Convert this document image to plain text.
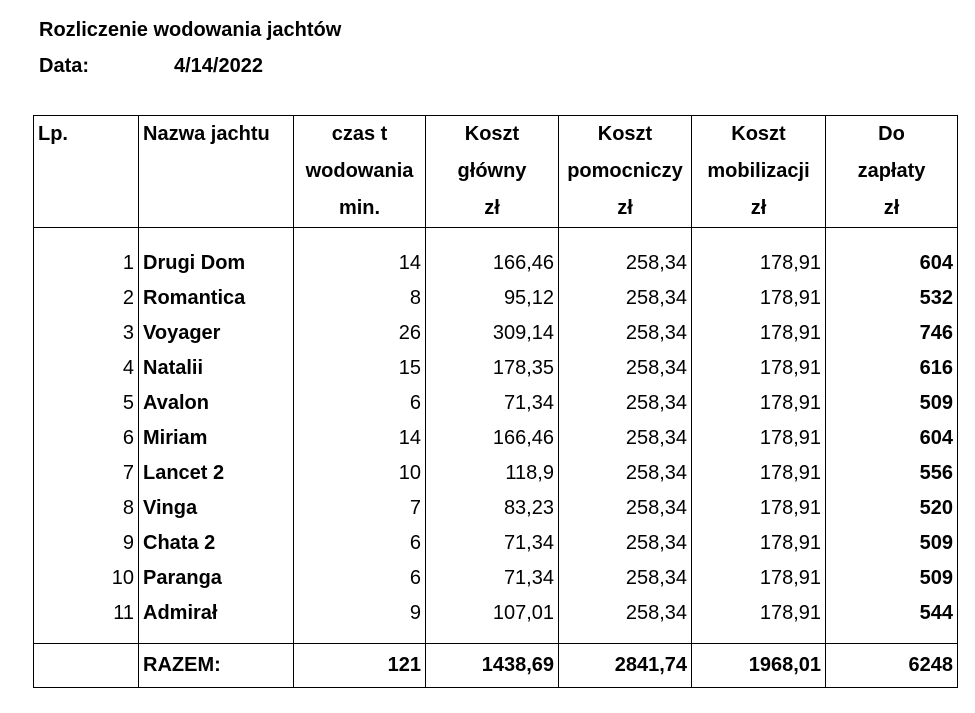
Rozliczenie wodowania jachtów
Data:	4/14/2022
Lp.	Nazwa jachtu	czas t	Koszt	Koszt	Koszt	Do
		wodowania	główny	pomocniczy	mobilizacji	zapłaty
		min.	zł	zł	zł	zł

1	Drugi Dom	14	166,46	258,34	178,91	604
2	Romantica	8	95,12	258,34	178,91	532
3	Voyager	26	309,14	258,34	178,91	746
4	Natalii	15	178,35	258,34	178,91	616
5	Avalon	6	71,34	258,34	178,91	509
6	Miriam	14	166,46	258,34	178,91	604
7	Lancet 2	10	118,9	258,34	178,91	556
8	Vinga	7	83,23	258,34	178,91	520
9	Chata 2	6	71,34	258,34	178,91	509
10	Paranga	6	71,34	258,34	178,91	509
11	Admirał	9	107,01	258,34	178,91	544

	RAZEM:	121	1438,69	2841,74	1968,01	6248
